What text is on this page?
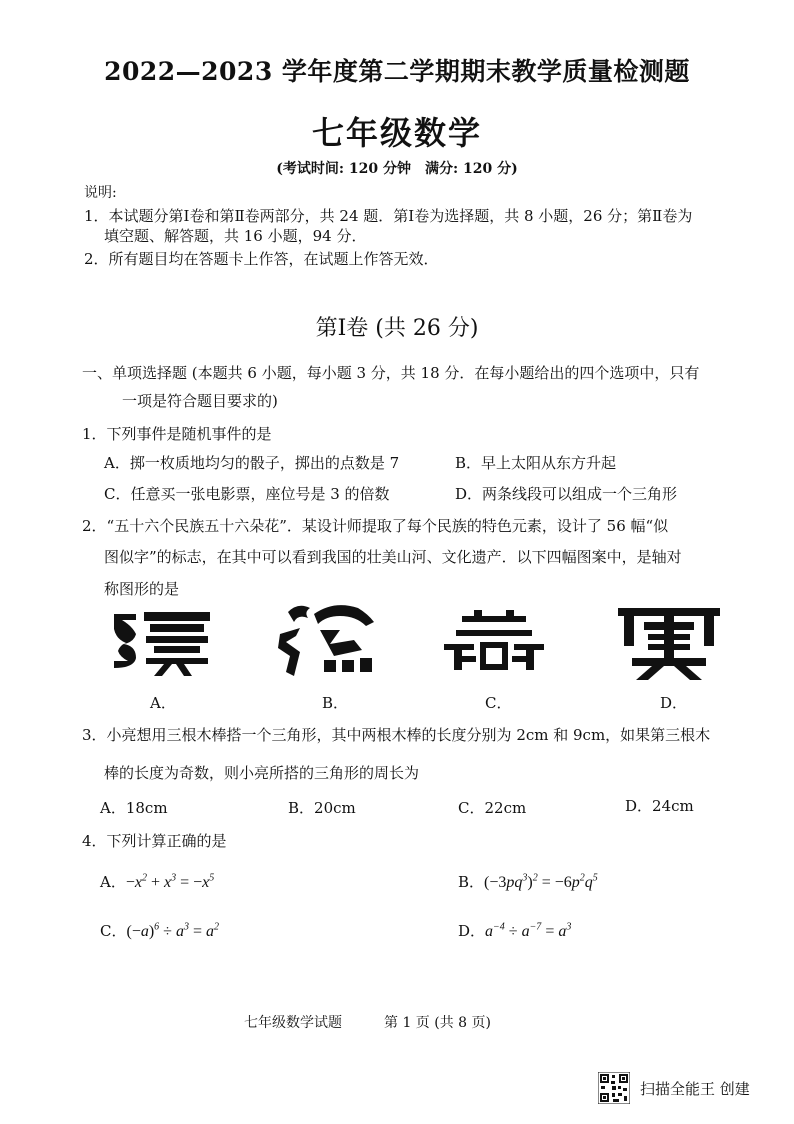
2022—2023 学年度第二学期期末教学质量检测题
七年级数学
(考试时间: 120 分钟　满分: 120 分)
说明:
1．本试题分第Ⅰ卷和第Ⅱ卷两部分，共 24 题．第Ⅰ卷为选择题，共 8 小题，26 分；第Ⅱ卷为
填空题、解答题，共 16 小题，94 分．
2．所有题目均在答题卡上作答，在试题上作答无效．
第Ⅰ卷 (共 26 分)
一、单项选择题 (本题共 6 小题，每小题 3 分，共 18 分．在每小题给出的四个选项中，只有
一项是符合题目要求的)
1．下列事件是随机事件的是
A．掷一枚质地均匀的骰子，掷出的点数是 7	B．早上太阳从东方升起
C．任意买一张电影票，座位号是 3 的倍数	D．两条线段可以组成一个三角形
2．“五十六个民族五十六朵花”．某设计师提取了每个民族的特色元素，设计了 56 幅“似
图似字”的标志，在其中可以看到我国的壮美山河、文化遗产．以下四幅图案中，是轴对
称图形的是
A．	B．	C．	D．
3．小亮想用三根木棒搭一个三角形，其中两根木棒的长度分别为 2cm 和 9cm，如果第三根木
棒的长度为奇数，则小亮所搭的三角形的周长为
A．18cm	B．20cm	C．22cm	D．24cm
4．下列计算正确的是
A．$-x^2 + x^3 = -x^5$	B．$(-3pq^3)^2 = -6p^2q^5$
C．$(-a)^6 \div a^3 = a^2$	D．$a^{-4} \div a^{-7} = a^3$
七年级数学试题　　　第 1 页 (共 8 页)
扫描全能王 创建
